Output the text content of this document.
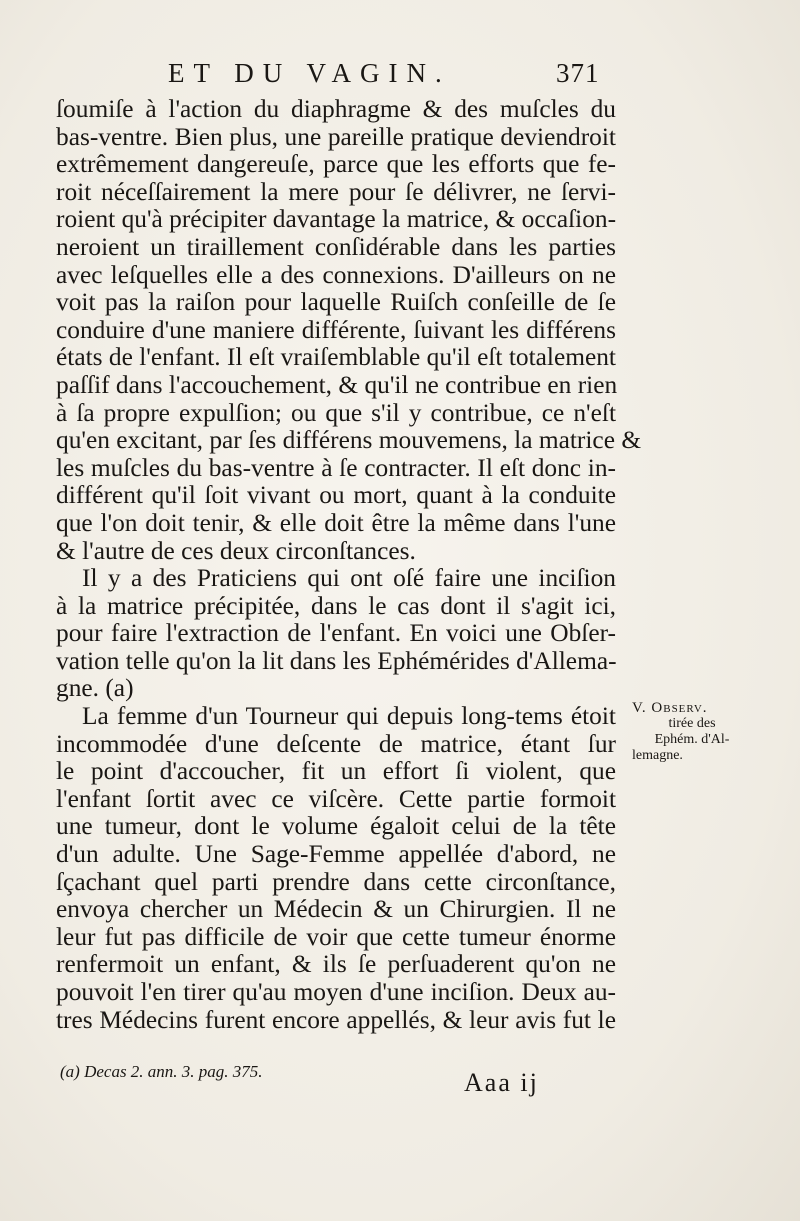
ET DU VAGIN.	371
ſoumiſe à l'action du diaphragme & des muſcles du
bas-ventre. Bien plus, une pareille pratique deviendroit
extrêmement dangereuſe, parce que les efforts que fe-
roit néceſſairement la mere pour ſe délivrer, ne ſervi-
roient qu'à précipiter davantage la matrice, & occaſion-
neroient un tiraillement conſidérable dans les parties
avec leſquelles elle a des connexions. D'ailleurs on ne
voit pas la raiſon pour laquelle Ruiſch conſeille de ſe
conduire d'une maniere différente, ſuivant les différens
états de l'enfant. Il eſt vraiſemblable qu'il eſt totalement
paſſif dans l'accouchement, & qu'il ne contribue en rien
à ſa propre expulſion; ou que s'il y contribue, ce n'eſt
qu'en excitant, par ſes différens mouvemens, la matrice &
les muſcles du bas-ventre à ſe contracter. Il eſt donc in-
différent qu'il ſoit vivant ou mort, quant à la conduite
que l'on doit tenir, & elle doit être la même dans l'une
& l'autre de ces deux circonſtances.
Il y a des Praticiens qui ont oſé faire une inciſion
à la matrice précipitée, dans le cas dont il s'agit ici,
pour faire l'extraction de l'enfant. En voici une Obſer-
vation telle qu'on la lit dans les Ephémérides d'Allema-
gne. (a)
La femme d'un Tourneur qui depuis long-tems étoit
incommodée d'une deſcente de matrice, étant ſur
le point d'accoucher, fit un effort ſi violent, que
l'enfant ſortit avec ce viſcère. Cette partie formoit
une tumeur, dont le volume égaloit celui de la tête
d'un adulte. Une Sage-Femme appellée d'abord, ne
ſçachant quel parti prendre dans cette circonſtance,
envoya chercher un Médecin & un Chirurgien. Il ne
leur fut pas difficile de voir que cette tumeur énorme
renfermoit un enfant, & ils ſe perſuaderent qu'on ne
pouvoit l'en tirer qu'au moyen d'une inciſion. Deux au-
tres Médecins furent encore appellés, & leur avis fut le
V. Observ.
tirée des
Ephém. d'Al-
lemagne.
(a) Decas 2. ann. 3. pag. 375.	Aaa ij
